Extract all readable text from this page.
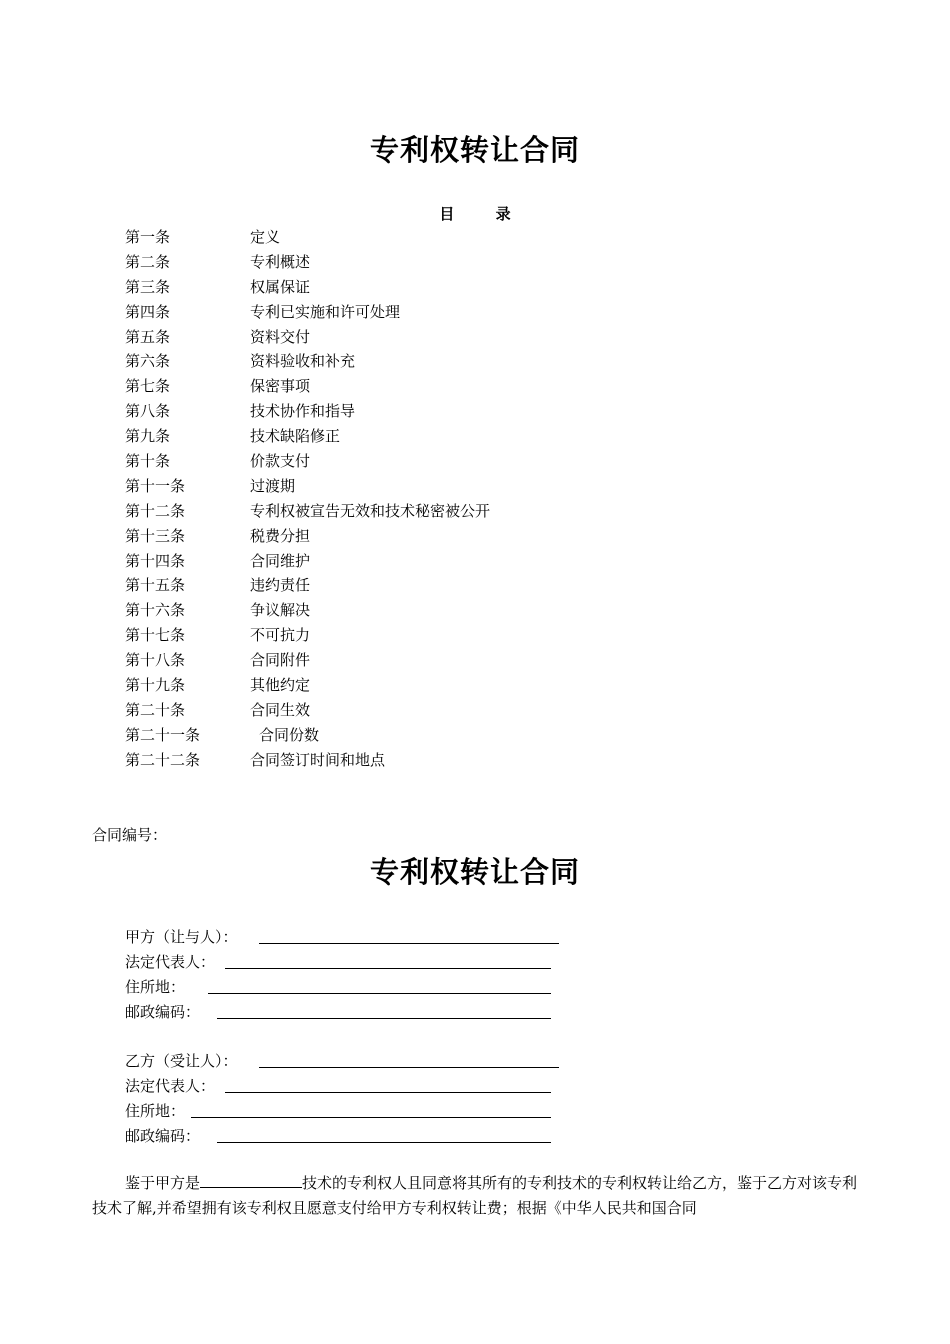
专利权转让合同
目 录
第一条	定义
第二条	专利概述
第三条	权属保证
第四条	专利已实施和许可处理
第五条	资料交付
第六条	资料验收和补充
第七条	保密事项
第八条	技术协作和指导
第九条	技术缺陷修正
第十条	价款支付
第十一条	过渡期
第十二条	专利权被宣告无效和技术秘密被公开
第十三条	税费分担
第十四条	合同维护
第十五条	违约责任
第十六条	争议解决
第十七条	不可抗力
第十八条	合同附件
第十九条	其他约定
第二十条	合同生效
第二十一条	合同份数
第二十二条	合同签订时间和地点
合同编号：
专利权转让合同
甲方（让与人）：
法定代表人：
住所地：
邮政编码：
乙方（受让人）：
法定代表人：
住所地：
邮政编码：
鉴于甲方是	技术的专利权人且同意将其所有的专利技术的专利权转让给乙方，鉴于乙方对该专利技术了解,并希望拥有该专利权且愿意支付给甲方专利权转让费；根据《中华人民共和国合同
